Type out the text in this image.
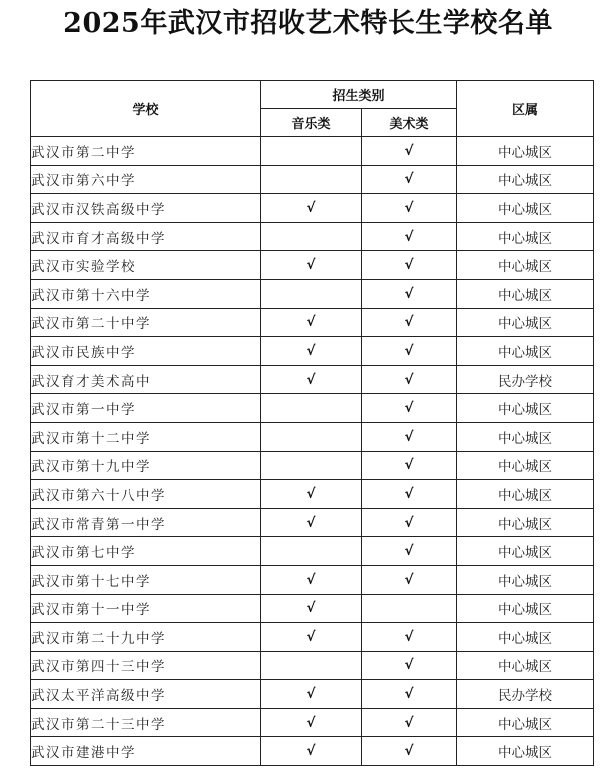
2025年武汉市招收艺术特长生学校名单
学校	招生类别		区属
	音乐类	美术类	
武汉市第二中学		√	中心城区
武汉市第六中学		√	中心城区
武汉市汉铁高级中学	√	√	中心城区
武汉市育才高级中学		√	中心城区
武汉市实验学校	√	√	中心城区
武汉市第十六中学		√	中心城区
武汉市第二十中学	√	√	中心城区
武汉市民族中学	√	√	中心城区
武汉育才美术高中	√	√	民办学校
武汉市第一中学		√	中心城区
武汉市第十二中学		√	中心城区
武汉市第十九中学		√	中心城区
武汉市第六十八中学	√	√	中心城区
武汉市常青第一中学	√	√	中心城区
武汉市第七中学		√	中心城区
武汉市第十七中学	√	√	中心城区
武汉市第十一中学	√		中心城区
武汉市第二十九中学	√	√	中心城区
武汉市第四十三中学		√	中心城区
武汉太平洋高级中学	√	√	民办学校
武汉市第二十三中学	√	√	中心城区
武汉市建港中学	√	√	中心城区
